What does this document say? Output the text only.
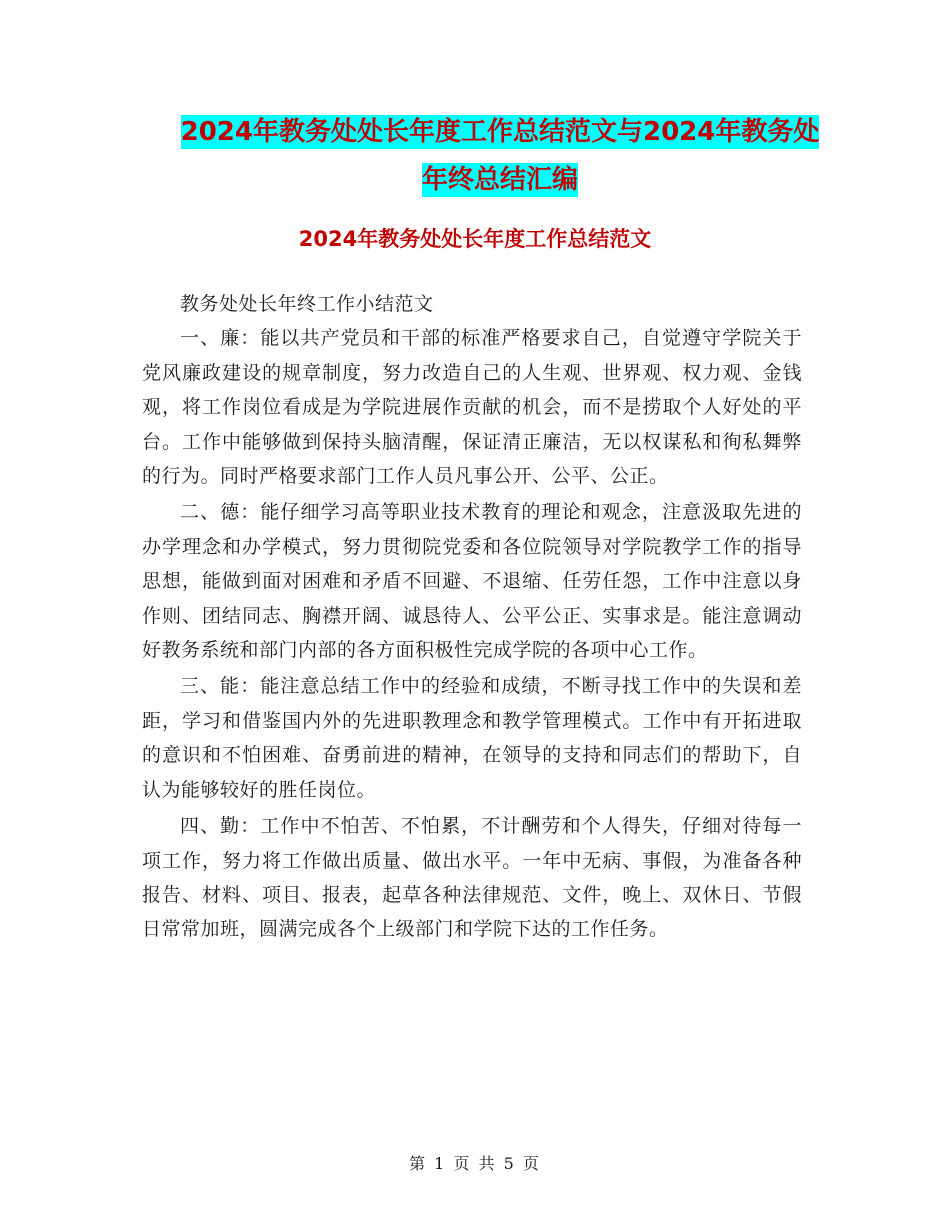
2024年教务处处长年度工作总结范文与2024年教务处
年终总结汇编
2024年教务处处长年度工作总结范文

教务处处长年终工作小结范文

一、廉：能以共产党员和干部的标准严格要求自己，自觉遵守学院关于党风廉政建设的规章制度，努力改造自己的人生观、世界观、权力观、金钱观，将工作岗位看成是为学院进展作贡献的机会，而不是捞取个人好处的平台。工作中能够做到保持头脑清醒，保证清正廉洁，无以权谋私和徇私舞弊的行为。同时严格要求部门工作人员凡事公开、公平、公正。

二、德：能仔细学习高等职业技术教育的理论和观念，注意汲取先进的办学理念和办学模式，努力贯彻院党委和各位院领导对学院教学工作的指导思想，能做到面对困难和矛盾不回避、不退缩、任劳任怨，工作中注意以身作则、团结同志、胸襟开阔、诚恳待人、公平公正、实事求是。能注意调动好教务系统和部门内部的各方面积极性完成学院的各项中心工作。

三、能：能注意总结工作中的经验和成绩，不断寻找工作中的失误和差距，学习和借鉴国内外的先进职教理念和教学管理模式。工作中有开拓进取的意识和不怕困难、奋勇前进的精神，在领导的支持和同志们的帮助下，自认为能够较好的胜任岗位。

四、勤：工作中不怕苦、不怕累，不计酬劳和个人得失，仔细对待每一项工作，努力将工作做出质量、做出水平。一年中无病、事假，为准备各种报告、材料、项目、报表，起草各种法律规范、文件，晚上、双休日、节假日常常加班，圆满完成各个上级部门和学院下达的工作任务。

第 1 页 共 5 页
